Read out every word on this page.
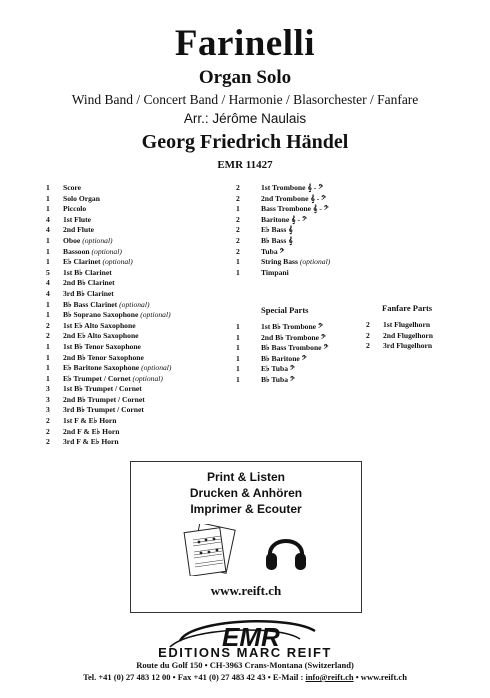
Farinelli
Organ Solo
Wind Band / Concert Band / Harmonie / Blasorchester / Fanfare
Arr.: Jérôme Naulais
Georg Friedrich Händel
EMR 11427
1	Score
1	Solo Organ
1	Piccolo
4	1st Flute
4	2nd Flute
1	Oboe (optional)
1	Bassoon (optional)
1	E♭ Clarinet (optional)
5	1st B♭ Clarinet
4	2nd B♭ Clarinet
4	3rd B♭ Clarinet
1	B♭ Bass Clarinet (optional)
1	B♭ Soprano Saxophone (optional)
2	1st E♭ Alto Saxophone
2	2nd E♭ Alto Saxophone
1	1st B♭ Tenor Saxophone
1	2nd B♭ Tenor Saxophone
1	E♭ Baritone Saxophone (optional)
1	E♭ Trumpet / Cornet (optional)
3	1st B♭ Trumpet / Cornet
3	2nd B♭ Trumpet / Cornet
3	3rd B♭ Trumpet / Cornet
2	1st F & E♭ Horn
2	2nd F & E♭ Horn
2	3rd F & E♭ Horn
2	1st Trombone 𝄞 - 𝄢
2	2nd Trombone 𝄞 - 𝄢
1	Bass Trombone 𝄞 - 𝄢
2	Baritone 𝄞 - 𝄢
2	E♭ Bass 𝄞
2	B♭ Bass 𝄞
2	Tuba 𝄢
1	String Bass (optional)
1	Timpani
Special Parts	Fanfare Parts
1	1st B♭ Trombone 𝄢
1	2nd B♭ Trombone 𝄢
1	B♭ Bass Trombone 𝄢
1	B♭ Baritone 𝄢
1	E♭ Tuba 𝄢
1	B♭ Tuba 𝄢
2	1st Flugelhorn
2	2nd Flugelhorn
2	3rd Flugelhorn
Print & Listen
Drucken & Anhören
Imprimer & Ecouter
www.reift.ch
EMR
EDITIONS MARC REIFT
Route du Golf 150 • CH-3963 Crans-Montana (Switzerland)
Tel. +41 (0) 27 483 12 00 • Fax +41 (0) 27 483 42 43 • E-Mail : info@reift.ch • www.reift.ch
